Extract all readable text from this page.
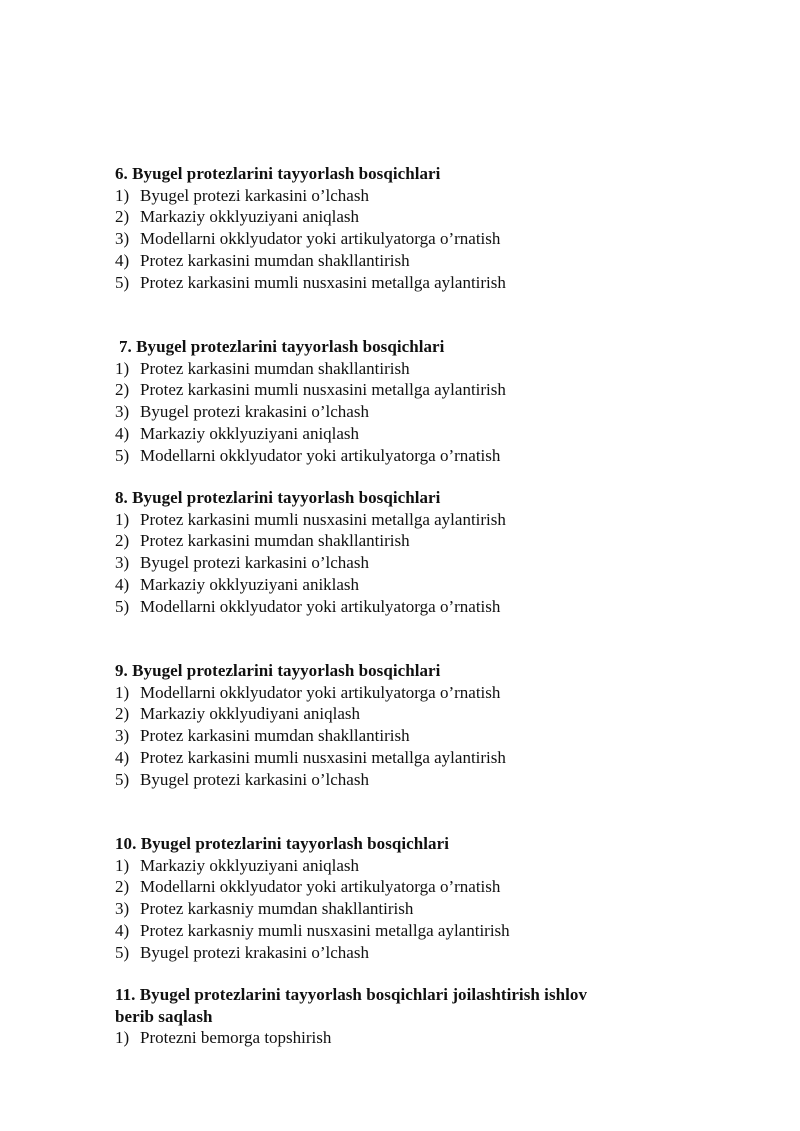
6. Byugel protezlarini tayyorlash bosqichlari

1) Byugel protezi karkasini o’lchash
2) Markaziy okklyuziyani aniqlash
3) Modellarni okklyudator yoki artikulyatorga o’rnatish
4) Protez karkasini mumdan shakllantirish
5) Protez karkasini mumli nusxasini metallga aylantirish

7. Byugel protezlarini tayyorlash bosqichlari

1) Protez karkasini mumdan shakllantirish
2) Protez karkasini mumli nusxasini metallga aylantirish
3) Byugel protezi krakasini o’lchash
4) Markaziy okklyuziyani aniqlash
5) Modellarni okklyudator yoki artikulyatorga o’rnatish

8. Byugel protezlarini tayyorlash bosqichlari

1) Protez karkasini mumli nusxasini metallga aylantirish
2) Protez karkasini mumdan shakllantirish
3) Byugel protezi karkasini o’lchash
4) Markaziy okklyuziyani aniklash
5) Modellarni okklyudator yoki artikulyatorga o’rnatish

9. Byugel protezlarini tayyorlash bosqichlari

1) Modellarni okklyudator yoki artikulyatorga o’rnatish
2) Markaziy okklyudiyani aniqlash
3) Protez karkasini mumdan shakllantirish
4) Protez karkasini mumli nusxasini metallga aylantirish
5) Byugel protezi karkasini o’lchash

10. Byugel protezlarini tayyorlash bosqichlari

1) Markaziy okklyuziyani aniqlash
2) Modellarni okklyudator yoki artikulyatorga o’rnatish
3) Protez karkasniy mumdan shakllantirish
4) Protez karkasniy mumli nusxasini metallga aylantirish
5) Byugel protezi krakasini o’lchash

11. Byugel protezlarini tayyorlash bosqichlari joilashtirish ishlov

berib saqlash

1) Protezni bemorga topshirish
